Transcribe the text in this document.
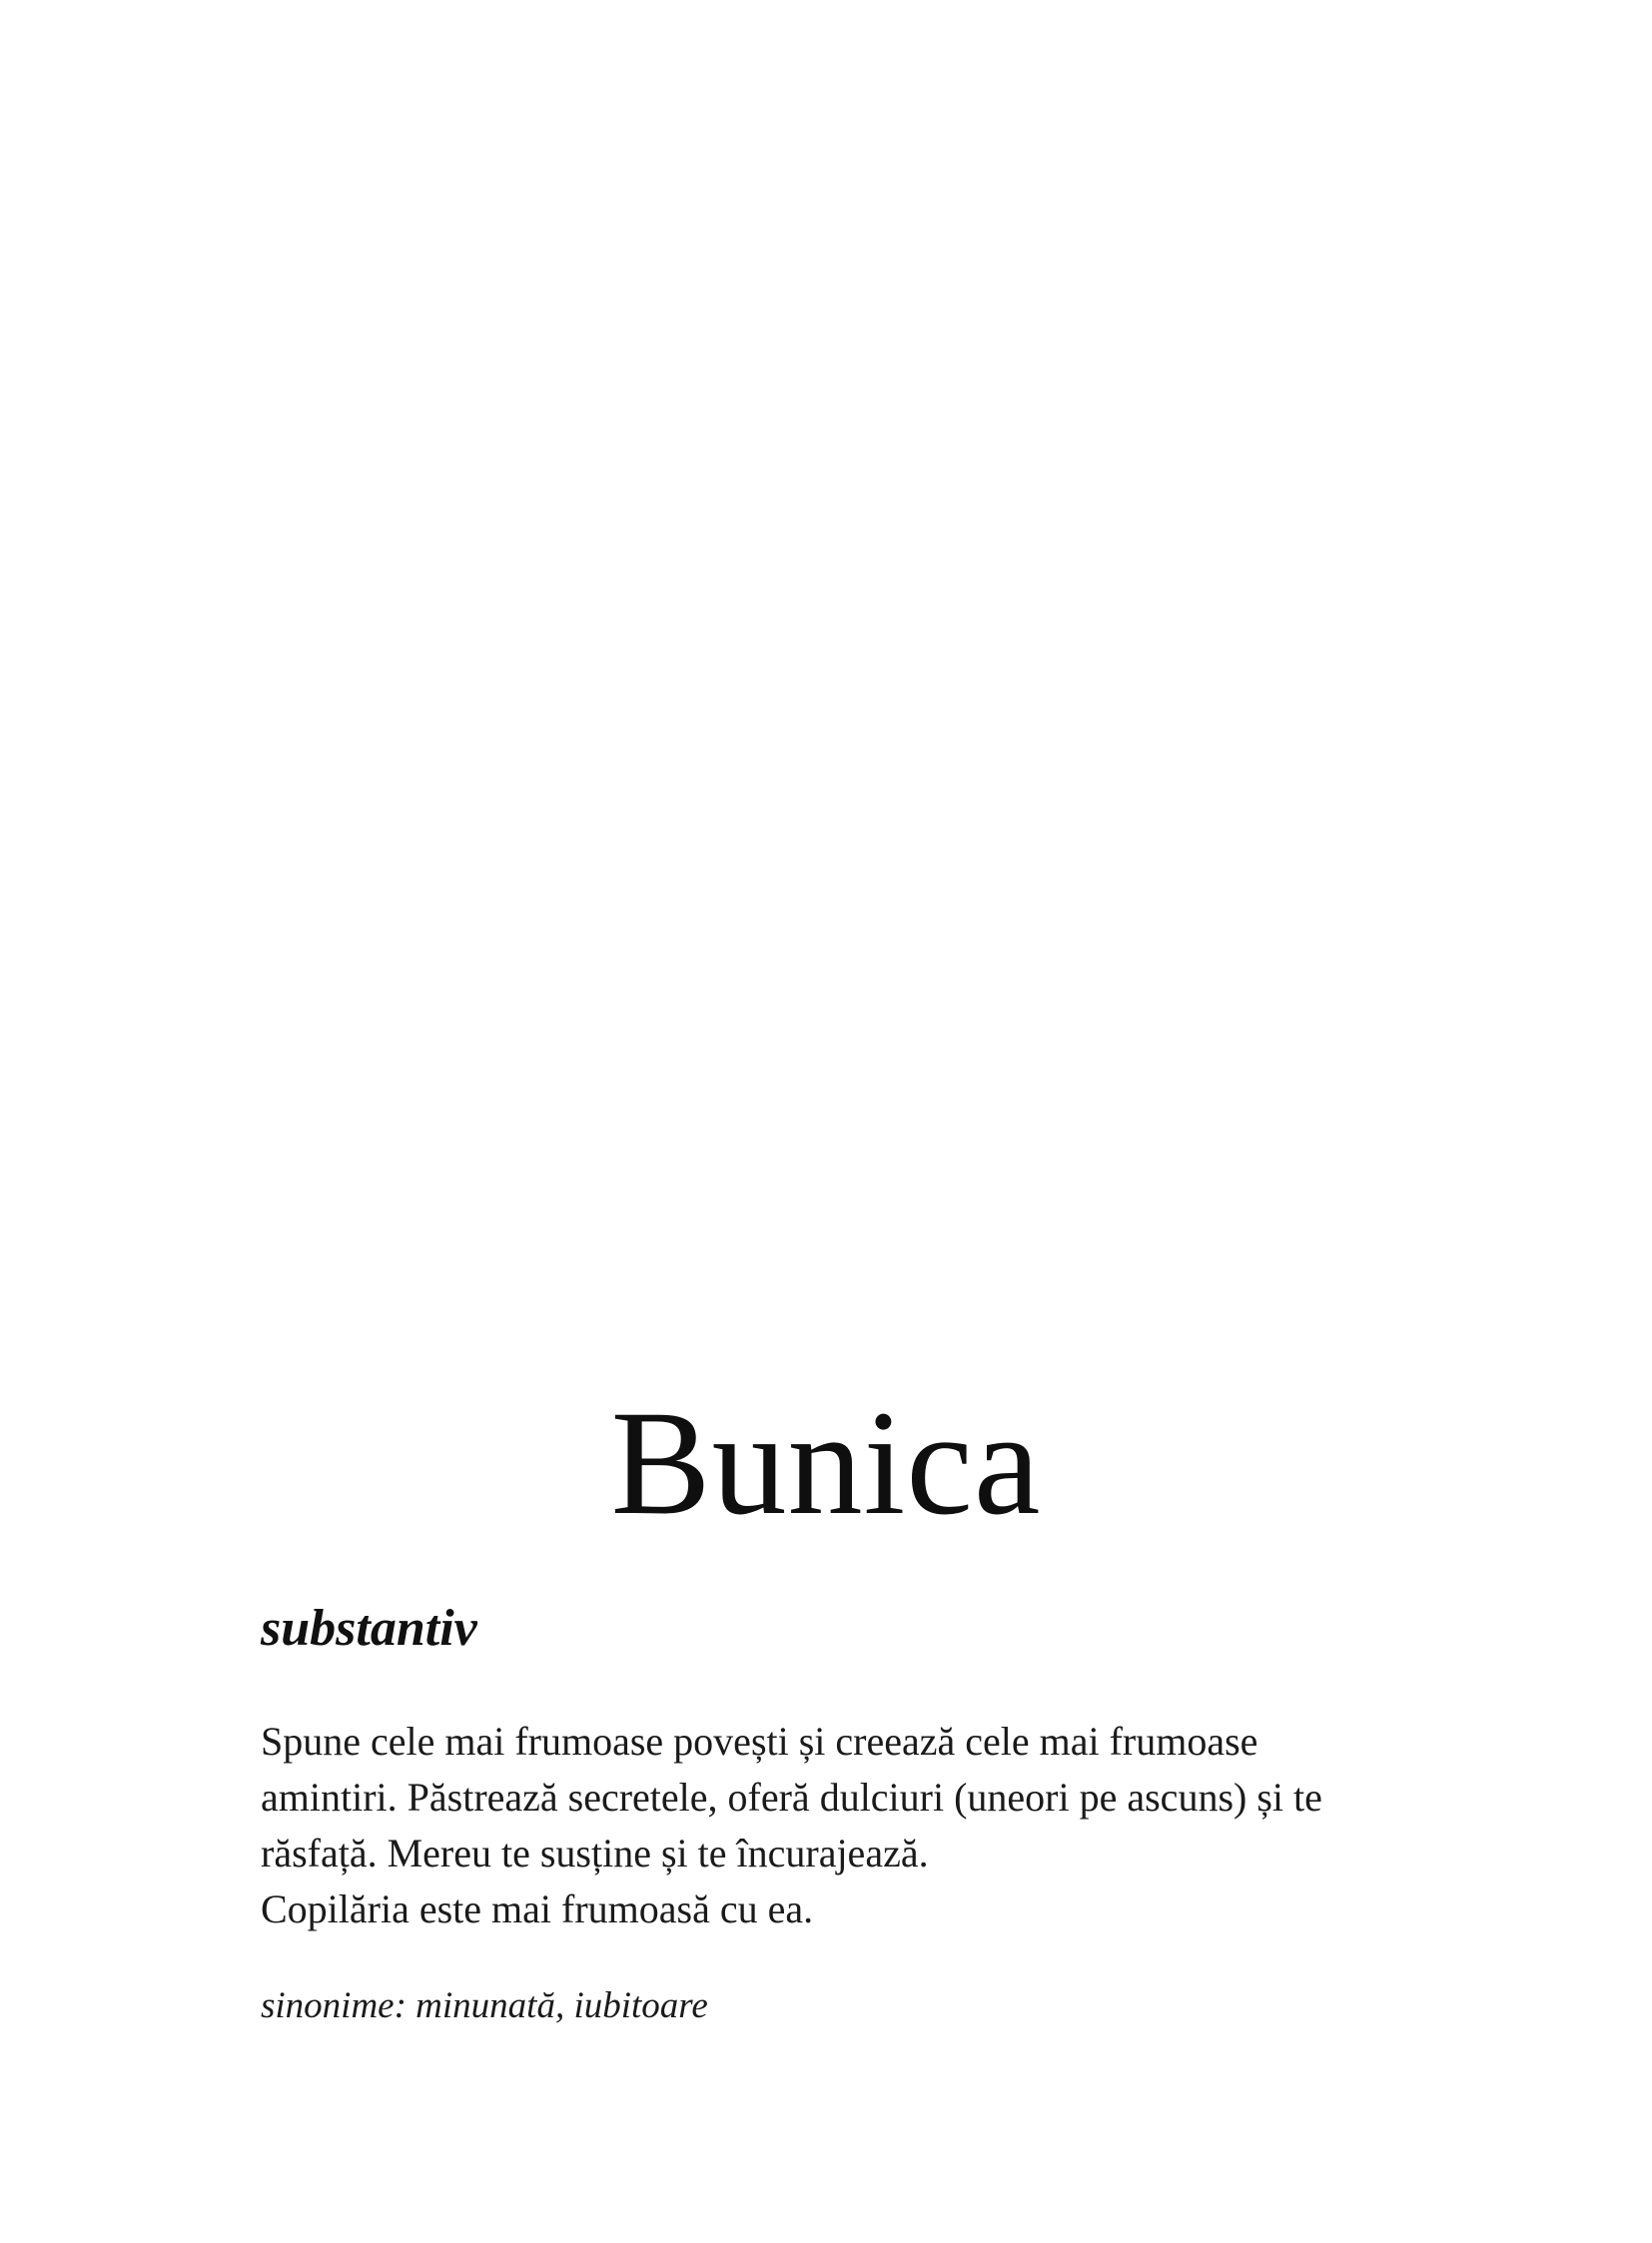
Bunica

substantiv

Spune cele mai frumoase povești și creează cele mai frumoase
amintiri. Păstrează secretele, oferă dulciuri (uneori pe ascuns) și te
răsfață. Mereu te susține și te încurajează.
Copilăria este mai frumoasă cu ea.

sinonime: minunată, iubitoare
